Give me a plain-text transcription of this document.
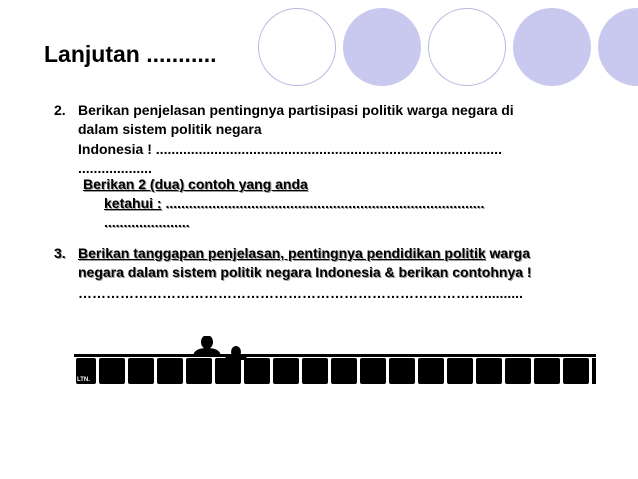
Lanjutan ...........
2. Berikan penjelasan pentingnya partisipasi politik warga negara di
dalam sistem politik negara
Indonesia ! .........................................................................................
...................
Berikan 2 (dua) contoh yang anda
ketahui : ..................................................................................
......................
3. Berikan tanggapan penjelasan, pentingnya pendidikan politik warga
negara dalam sistem politik negara Indonesia & berikan contohnya !
……………………………………………………………………………..........
LTN.
